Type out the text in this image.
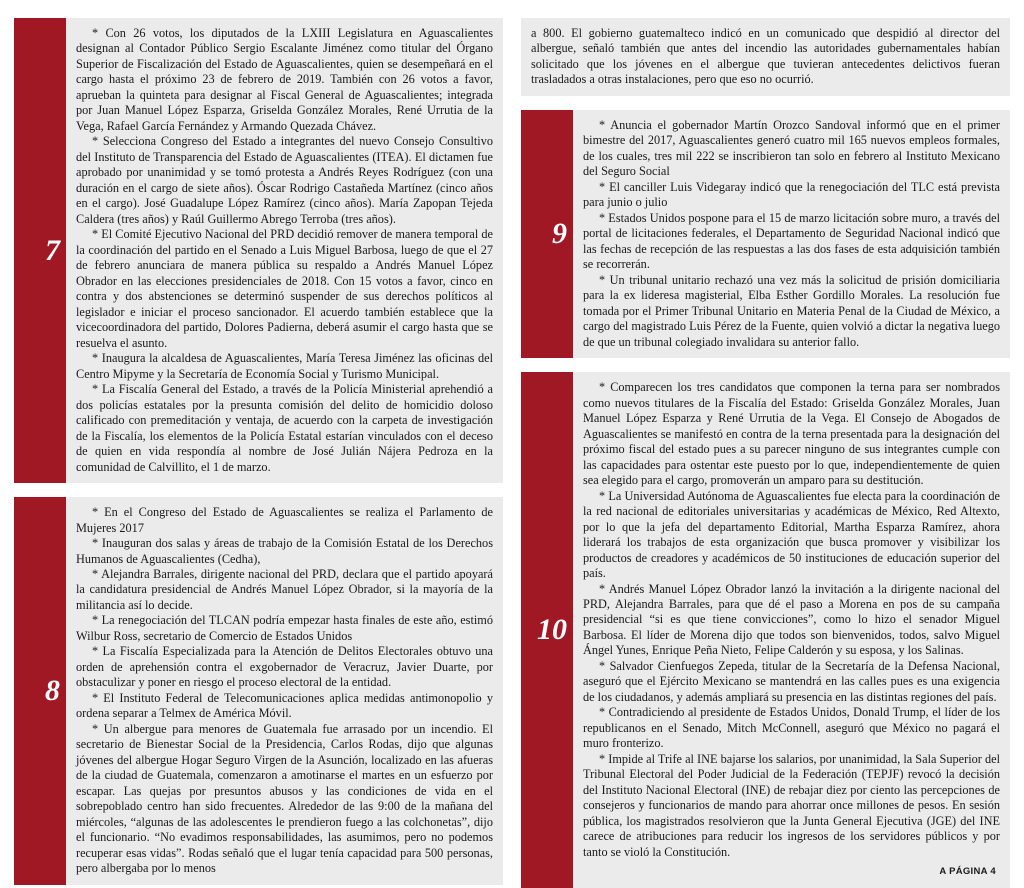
7

* Con 26 votos, los diputados de la LXIII Legislatura en Aguascalientes designan al Contador Público Sergio Escalante Jiménez como titular del Órgano Superior de Fiscalización del Estado de Aguascalientes, quien se desempeñará en el cargo hasta el próximo 23 de febrero de 2019. También con 26 votos a favor, aprueban la quinteta para designar al Fiscal General de Aguascalientes; integrada por Juan Manuel López Esparza, Griselda González Morales, René Urrutia de la Vega, Rafael García Fernández y Armando Quezada Chávez.

* Selecciona Congreso del Estado a integrantes del nuevo Consejo Consultivo del Instituto de Transparencia del Estado de Aguascalientes (ITEA). El dictamen fue aprobado por unanimidad y se tomó protesta a Andrés Reyes Rodríguez (con una duración en el cargo de siete años). Óscar Rodrigo Castañeda Martínez (cinco años en el cargo). José Guadalupe López Ramírez (cinco años). María Zapopan Tejeda Caldera (tres años) y Raúl Guillermo Abrego Terroba (tres años).

* El Comité Ejecutivo Nacional del PRD decidió remover de manera temporal de la coordinación del partido en el Senado a Luis Miguel Barbosa, luego de que el 27 de febrero anunciara de manera pública su respaldo a Andrés Manuel López Obrador en las elecciones presidenciales de 2018. Con 15 votos a favor, cinco en contra y dos abstenciones se determinó suspender de sus derechos políticos al legislador e iniciar el proceso sancionador. El acuerdo también establece que la vicecoordinadora del partido, Dolores Padierna, deberá asumir el cargo hasta que se resuelva el asunto.

* Inaugura la alcaldesa de Aguascalientes, María Teresa Jiménez las oficinas del Centro Mipyme y la Secretaría de Economía Social y Turismo Municipal.

* La Fiscalía General del Estado, a través de la Policía Ministerial aprehendió a dos policías estatales por la presunta comisión del delito de homicidio doloso calificado con premeditación y ventaja, de acuerdo con la carpeta de investigación de la Fiscalía, los elementos de la Policía Estatal estarían vinculados con el deceso de quien en vida respondía al nombre de José Julián Nájera Pedroza en la comunidad de Calvillito, el 1 de marzo.

8

* En el Congreso del Estado de Aguascalientes se realiza el Parlamento de Mujeres 2017

* Inauguran dos salas y áreas de trabajo de la Comisión Estatal de los Derechos Humanos de Aguascalientes (Cedha),

* Alejandra Barrales, dirigente nacional del PRD, declara que el partido apoyará la candidatura presidencial de Andrés Manuel López Obrador, si la mayoría de la militancia así lo decide.

* La renegociación del TLCAN podría empezar hasta finales de este año, estimó Wilbur Ross, secretario de Comercio de Estados Unidos

* La Fiscalía Especializada para la Atención de Delitos Electorales obtuvo una orden de aprehensión contra el exgobernador de Veracruz, Javier Duarte, por obstaculizar y poner en riesgo el proceso electoral de la entidad.

* El Instituto Federal de Telecomunicaciones aplica medidas antimonopolio y ordena separar a Telmex de América Móvil.

* Un albergue para menores de Guatemala fue arrasado por un incendio. El secretario de Bienestar Social de la Presidencia, Carlos Rodas, dijo que algunas jóvenes del albergue Hogar Seguro Virgen de la Asunción, localizado en las afueras de la ciudad de Guatemala, comenzaron a amotinarse el martes en un esfuerzo por escapar. Las quejas por presuntos abusos y las condiciones de vida en el sobrepoblado centro han sido frecuentes. Alrededor de las 9:00 de la mañana del miércoles, “algunas de las adolescentes le prendieron fuego a las colchonetas”, dijo el funcionario. “No evadimos responsabilidades, las asumimos, pero no podemos recuperar esas vidas”. Rodas señaló que el lugar tenía capacidad para 500 personas, pero albergaba por lo menos

a 800. El gobierno guatemalteco indicó en un comunicado que despidió al director del albergue, señaló también que antes del incendio las autoridades gubernamentales habían solicitado que los jóvenes en el albergue que tuvieran antecedentes delictivos fueran trasladados a otras instalaciones, pero que eso no ocurrió.

9

* Anuncia el gobernador Martín Orozco Sandoval informó que en el primer bimestre del 2017, Aguascalientes generó cuatro mil 165 nuevos empleos formales, de los cuales, tres mil 222 se inscribieron tan solo en febrero al Instituto Mexicano del Seguro Social

* El canciller Luis Videgaray indicó que la renegociación del TLC está prevista para junio o julio

* Estados Unidos pospone para el 15 de marzo licitación sobre muro, a través del portal de licitaciones federales, el Departamento de Seguridad Nacional indicó que las fechas de recepción de las respuestas a las dos fases de esta adquisición también se recorrerán.

* Un tribunal unitario rechazó una vez más la solicitud de prisión domiciliaria para la ex lideresa magisterial, Elba Esther Gordillo Morales. La resolución fue tomada por el Primer Tribunal Unitario en Materia Penal de la Ciudad de México, a cargo del magistrado Luis Pérez de la Fuente, quien volvió a dictar la negativa luego de que un tribunal colegiado invalidara su anterior fallo.

10

* Comparecen los tres candidatos que componen la terna para ser nombrados como nuevos titulares de la Fiscalía del Estado: Griselda González Morales, Juan Manuel López Esparza y René Urrutia de la Vega. El Consejo de Abogados de Aguascalientes se manifestó en contra de la terna presentada para la designación del próximo fiscal del estado pues a su parecer ninguno de sus integrantes cumple con las capacidades para ostentar este puesto por lo que, independientemente de quien sea elegido para el cargo, promoverán un amparo para su destitución.

* La Universidad Autónoma de Aguascalientes fue electa para la coordinación de la red nacional de editoriales universitarias y académicas de México, Red Altexto, por lo que la jefa del departamento Editorial, Martha Esparza Ramírez, ahora liderará los trabajos de esta organización que busca promover y visibilizar los productos de creadores y académicos de 50 instituciones de educación superior del país.

* Andrés Manuel López Obrador lanzó la invitación a la dirigente nacional del PRD, Alejandra Barrales, para que dé el paso a Morena en pos de su campaña presidencial “si es que tiene convicciones”, como lo hizo el senador Miguel Barbosa. El líder de Morena dijo que todos son bienvenidos, todos, salvo Miguel Ángel Yunes, Enrique Peña Nieto, Felipe Calderón y su esposa, y los Salinas.

* Salvador Cienfuegos Zepeda, titular de la Secretaría de la Defensa Nacional, aseguró que el Ejército Mexicano se mantendrá en las calles pues es una exigencia de los ciudadanos, y además ampliará su presencia en las distintas regiones del país.

* Contradiciendo al presidente de Estados Unidos, Donald Trump, el líder de los republicanos en el Senado, Mitch McConnell, aseguró que México no pagará el muro fronterizo.

* Impide al Trife al INE bajarse los salarios, por unanimidad, la Sala Superior del Tribunal Electoral del Poder Judicial de la Federación (TEPJF) revocó la decisión del Instituto Nacional Electoral (INE) de rebajar diez por ciento las percepciones de consejeros y funcionarios de mando para ahorrar once millones de pesos. En sesión pública, los magistrados resolvieron que la Junta General Ejecutiva (JGE) del INE carece de atribuciones para reducir los ingresos de los servidores públicos y por tanto se violó la Constitución.

A PÁGINA 4
